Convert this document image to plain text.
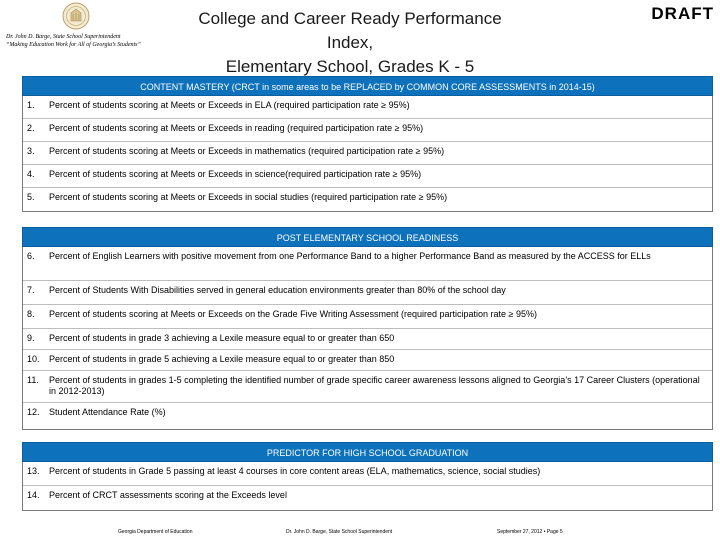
Dr. John D. Barge, State School Superintendent
“Making Education Work for All of Georgia’s Students”
College and Career Ready Performance Index,
Elementary School, Grades K - 5
DRAFT
CONTENT MASTERY (CRCT in some areas to be REPLACED by COMMON CORE ASSESSMENTS in 2014-15)
1.	Percent of students scoring at Meets or Exceeds in ELA (required participation rate ≥ 95%)
2.	Percent of students scoring at Meets or Exceeds in reading (required participation rate ≥ 95%)
3.	Percent of students scoring at Meets or Exceeds in mathematics (required participation rate ≥ 95%)
4.	Percent of students scoring at Meets or Exceeds in science(required participation rate ≥ 95%)
5.	Percent of students scoring at Meets or Exceeds in social studies (required participation rate ≥ 95%)
POST ELEMENTARY SCHOOL READINESS
6.	Percent of English Learners with positive movement from one Performance Band to a higher Performance Band as measured by the ACCESS for ELLs
7.	Percent of Students With Disabilities served in general education environments greater than 80% of the school day
8.	Percent of students scoring at Meets or Exceeds on the Grade Five Writing Assessment (required participation rate ≥ 95%)
9.	Percent of students in grade 3 achieving a Lexile measure equal to or greater than 650
10.	Percent of students in grade 5 achieving a Lexile measure equal to or greater than 850
11.	Percent of students in grades 1-5 completing the identified number of grade specific career awareness lessons aligned to Georgia’s 17 Career Clusters (operational in 2012-2013)
12.	Student Attendance Rate (%)
PREDICTOR FOR HIGH SCHOOL GRADUATION
13.	Percent of students in Grade 5 passing at least 4 courses in core content areas (ELA, mathematics, science, social studies)
14.	Percent of CRCT assessments scoring at the Exceeds level
Georgia Department of Education	Dr. John D. Barge, State School Superintendent	September 27, 2012 • Page 5
